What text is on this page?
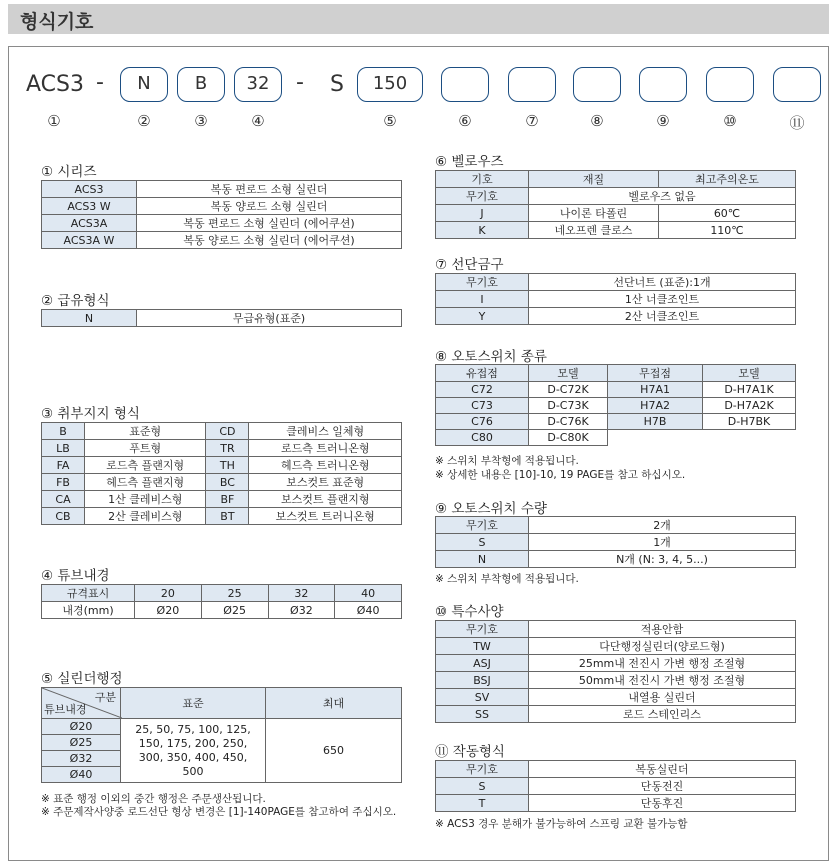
형식기호
ACS3 -	N	B	32	- S	150
①	②	③	④	⑤	⑥	⑦	⑧	⑨	⑩	⑪
① 시리즈
ACS3	복동 편로드 소형 실린더
ACS3 W	복동 양로드 소형 실린더
ACS3A	복동 편로드 소형 실린더 (에어쿠션)
ACS3A W	복동 양로드 소형 실린더 (에어쿠션)
② 급유형식
N	무급유형(표준)
③ 취부지지 형식
B	표준형	CD	클레비스 일체형
LB	푸트형	TR	로드측 트러니온형
FA	로드측 플랜지형	TH	헤드측 트러니온형
FB	헤드측 플랜지형	BC	보스컷트 표준형
CA	1산 클레비스형	BF	보스컷트 플랜지형
CB	2산 클레비스형	BT	보스컷트 트러니온형
④ 튜브내경
규격표시	20	25	32	40
내경(mm)	Ø20	Ø25	Ø32	Ø40
⑤ 실린더행정
구분
튜브내경	표준	최대
Ø20	25, 50, 75, 100, 125, 150, 175, 200, 250, 300, 350, 400, 450, 500	650
Ø25		
Ø32		
Ø40		
※ 표준 행정 이외의 중간 행정은 주문생산됩니다.
※ 주문제작사양중 로드선단 형상 변경은 [1]-140PAGE를 참고하여 주십시오.
⑥ 벨로우즈
기호	재질	최고주의온도
무기호	벨로우즈 없음	
J	나이론 타폴린	60℃
K	네오프렌 클로스	110℃
⑦ 선단금구
무기호	선단너트 (표준):1개
I	1산 너클조인트
Y	2산 너클조인트
⑧ 오토스위치 종류
유접점	모델	무접점	모델
C72	D-C72K	H7A1	D-H7A1K
C73	D-C73K	H7A2	D-H7A2K
C76	D-C76K	H7B	D-H7BK
C80	D-C80K		
※ 스위치 부착형에 적용됩니다.
※ 상세한 내용은 [10]-10, 19 PAGE를 참고 하십시오.
⑨ 오토스위치 수량
무기호	2개
S	1개
N	N개 (N: 3, 4, 5...)
※ 스위치 부착형에 적용됩니다.
⑩ 특수사양
무기호	적용안함
TW	다단행정실린더(양로드형)
ASJ	25mm내 전진시 가변 행정 조절형
BSJ	50mm내 전진시 가변 행정 조절형
SV	내열용 실린더
SS	로드 스테인리스
⑪ 작동형식
무기호	복동실린더
S	단동전진
T	단동후진
※ ACS3 경우 분해가 불가능하여 스프링 교환 불가능함
